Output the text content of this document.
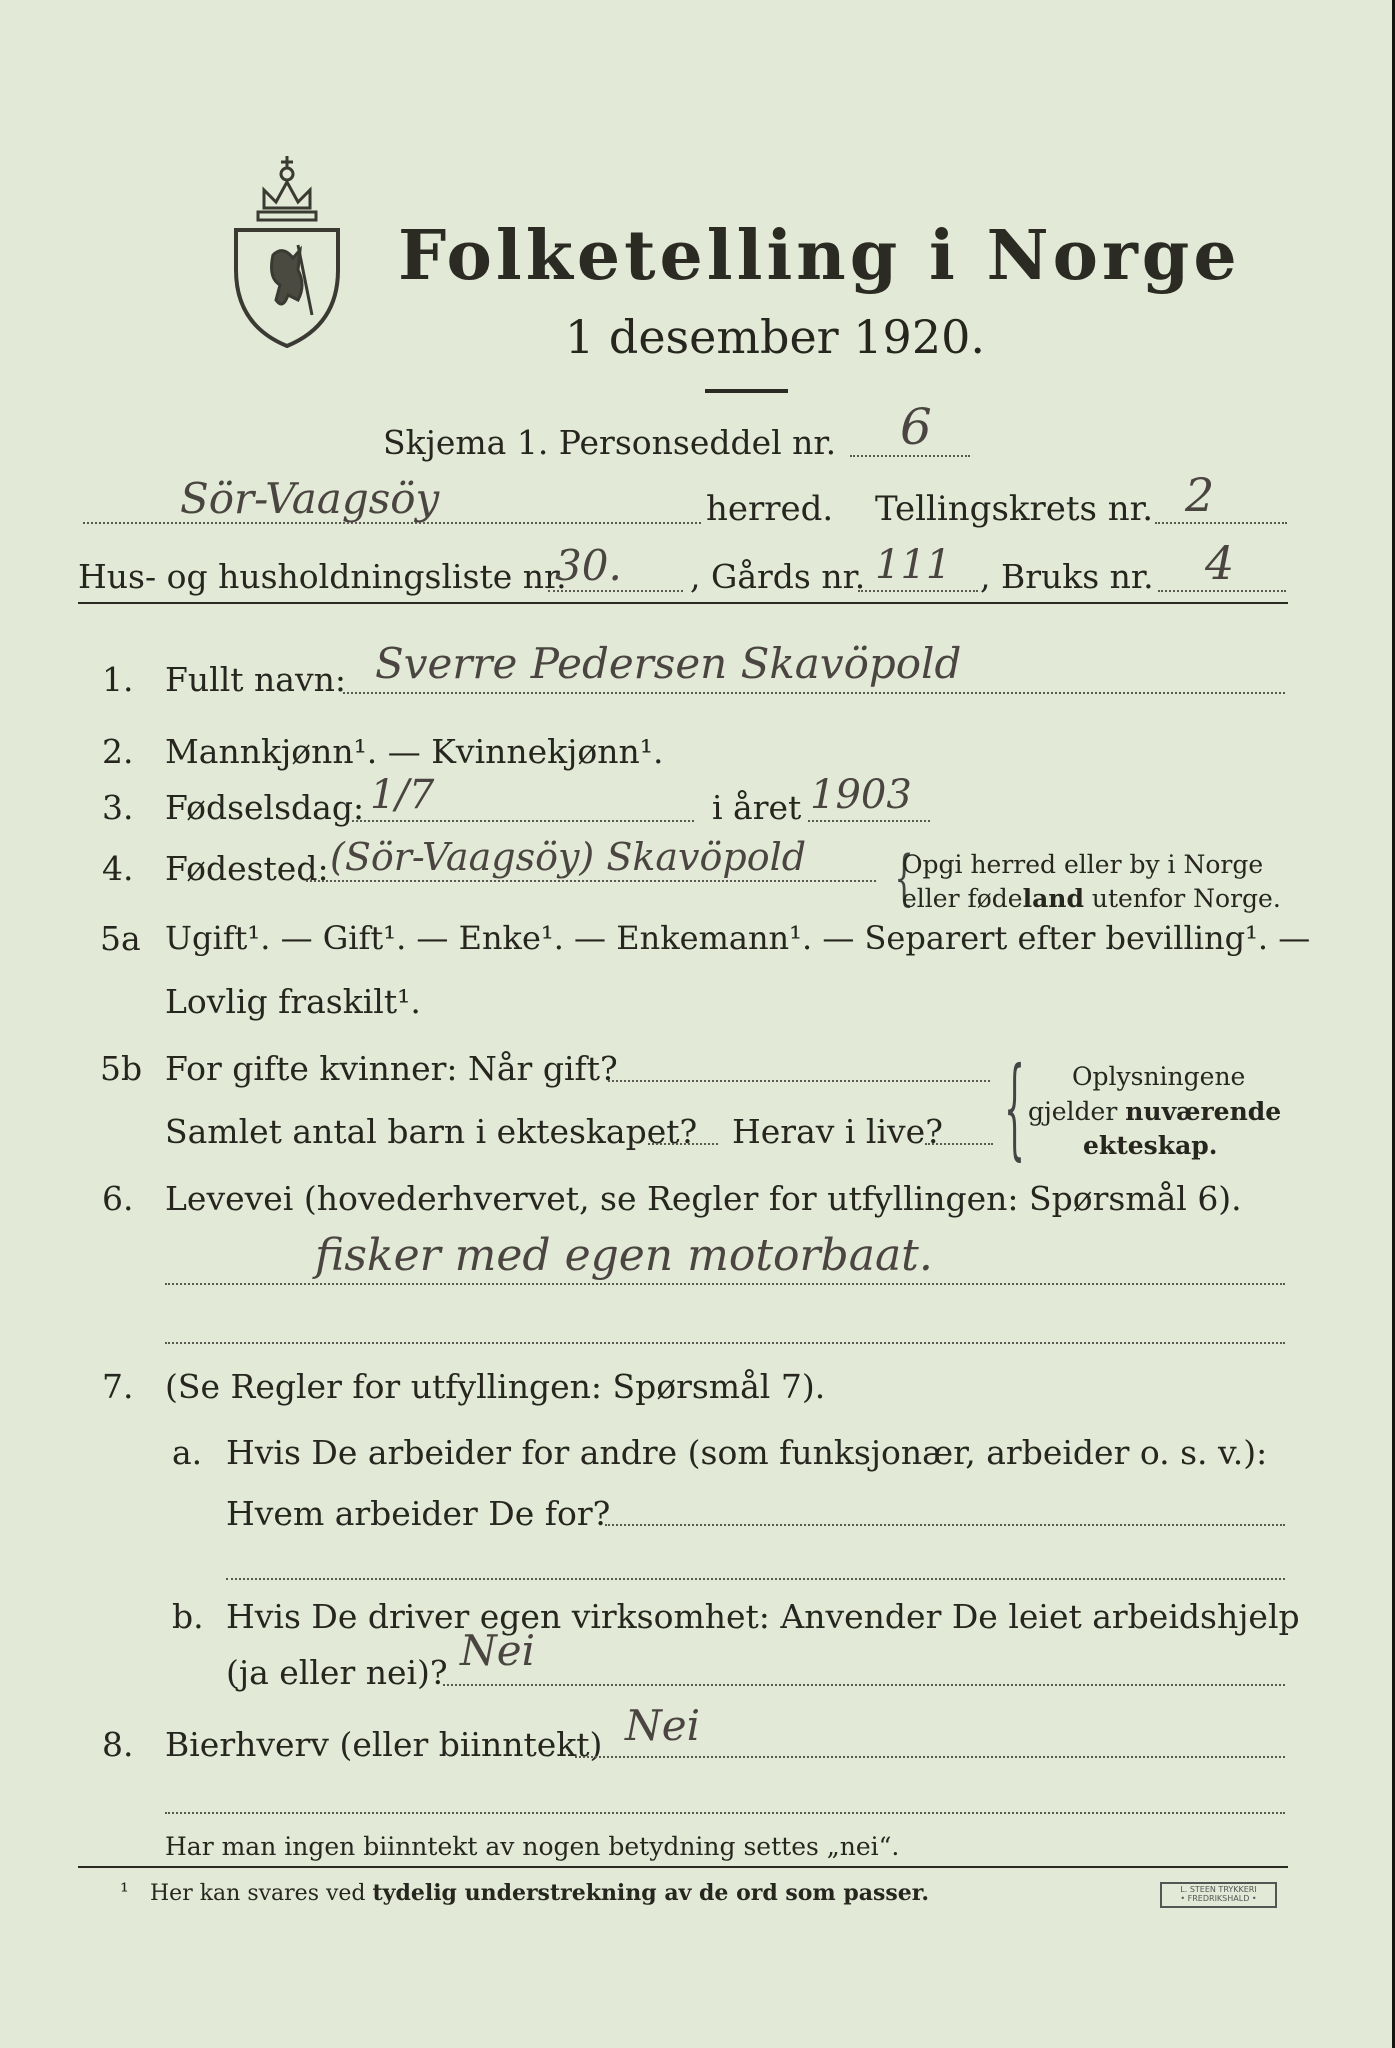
Folketelling i Norge
1 desember 1920.
Skjema 1. Personseddel nr. 6
Sör-Vaagsöy	herred. Tellingskrets nr. 2
Hus- og husholdningsliste nr.
30. , Gårds nr. 111 , Bruks nr. 4
1. Fullt navn: Sverre Pedersen Skavöpold
2. Mannkjønn¹. — Kvinnekjønn¹.
3. Fødselsdag: 1/7	i året 1903
4. Fødested: (Sör-Vaagsöy) Skavöpold {
Opgi herred eller by i Norge
eller fødeland utenfor Norge.
5a Ugift¹. — Gift¹. — Enke¹. — Enkemann¹. — Separert efter bevilling¹. —
Lovlig fraskilt¹.
5b For gifte kvinner: Når gift?
Samlet antal barn i ekteskapet? Herav i live? { Oplysningene
gjelder nuværende
ekteskap.
6. Levevei (hovederhvervet, se Regler for utfyllingen: Spørsmål 6).
fisker med egen motorbaat.
7. (Se Regler for utfyllingen: Spørsmål 7).
a. Hvis De arbeider for andre (som funksjonær, arbeider o. s. v.):
Hvem arbeider De for?
b. Hvis De driver egen virksomhet: Anvender De leiet arbeidshjelp
(ja eller nei)? Nei
8. Bierhverv (eller biinntekt) Nei
Har man ingen biinntekt av nogen betydning settes „nei“.
¹ Her kan svares ved tydelig understrekning av de ord som passer.	L. STEEN TRYKKERI
• FREDRIKSHALD •
